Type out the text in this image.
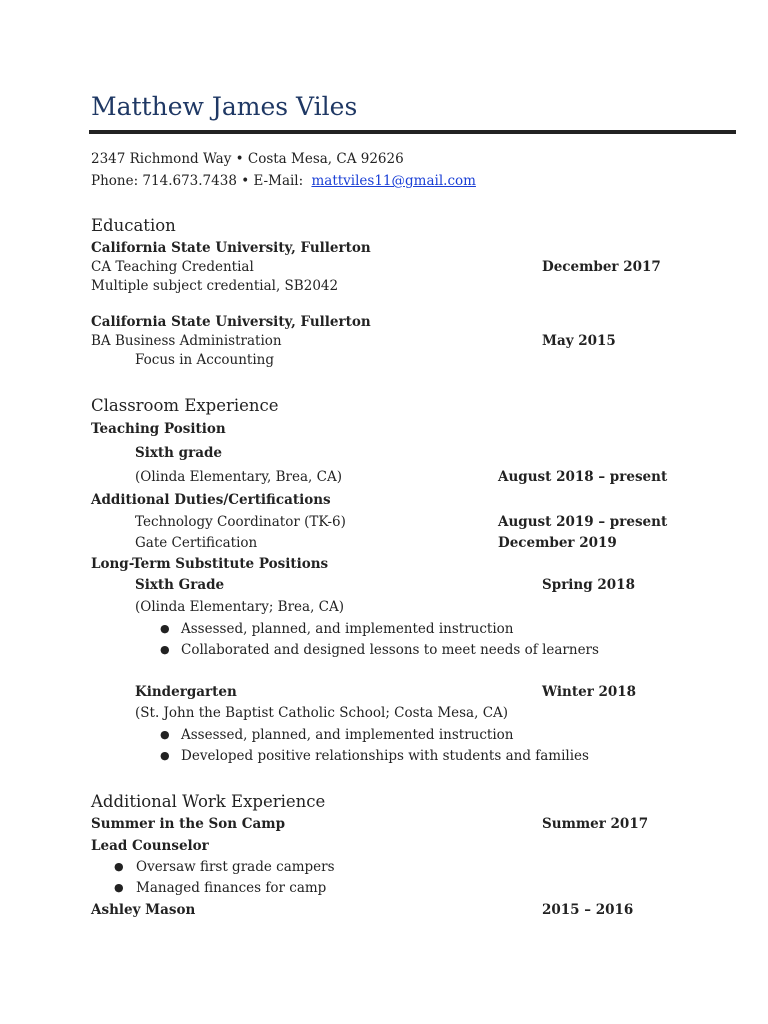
Matthew James Viles
2347 Richmond Way • Costa Mesa, CA 92626
Phone: 714.673.7438 • E-Mail: mattviles11@gmail.com
Education
California State University, Fullerton
CA Teaching Credential	December 2017
Multiple subject credential, SB2042
California State University, Fullerton
BA Business Administration	May 2015
Focus in Accounting
Classroom Experience
Teaching Position
Sixth grade
(Olinda Elementary, Brea, CA)	August 2018 – present
Additional Duties/Certifications
Technology Coordinator (TK-6)	August 2019 – present
Gate Certification	December 2019
Long-Term Substitute Positions
Sixth Grade	Spring 2018
(Olinda Elementary; Brea, CA)
● Assessed, planned, and implemented instruction
● Collaborated and designed lessons to meet needs of learners
Kindergarten	Winter 2018
(St. John the Baptist Catholic School; Costa Mesa, CA)
● Assessed, planned, and implemented instruction
● Developed positive relationships with students and families
Additional Work Experience
Summer in the Son Camp	Summer 2017
Lead Counselor
● Oversaw first grade campers
● Managed finances for camp
Ashley Mason	2015 – 2016
